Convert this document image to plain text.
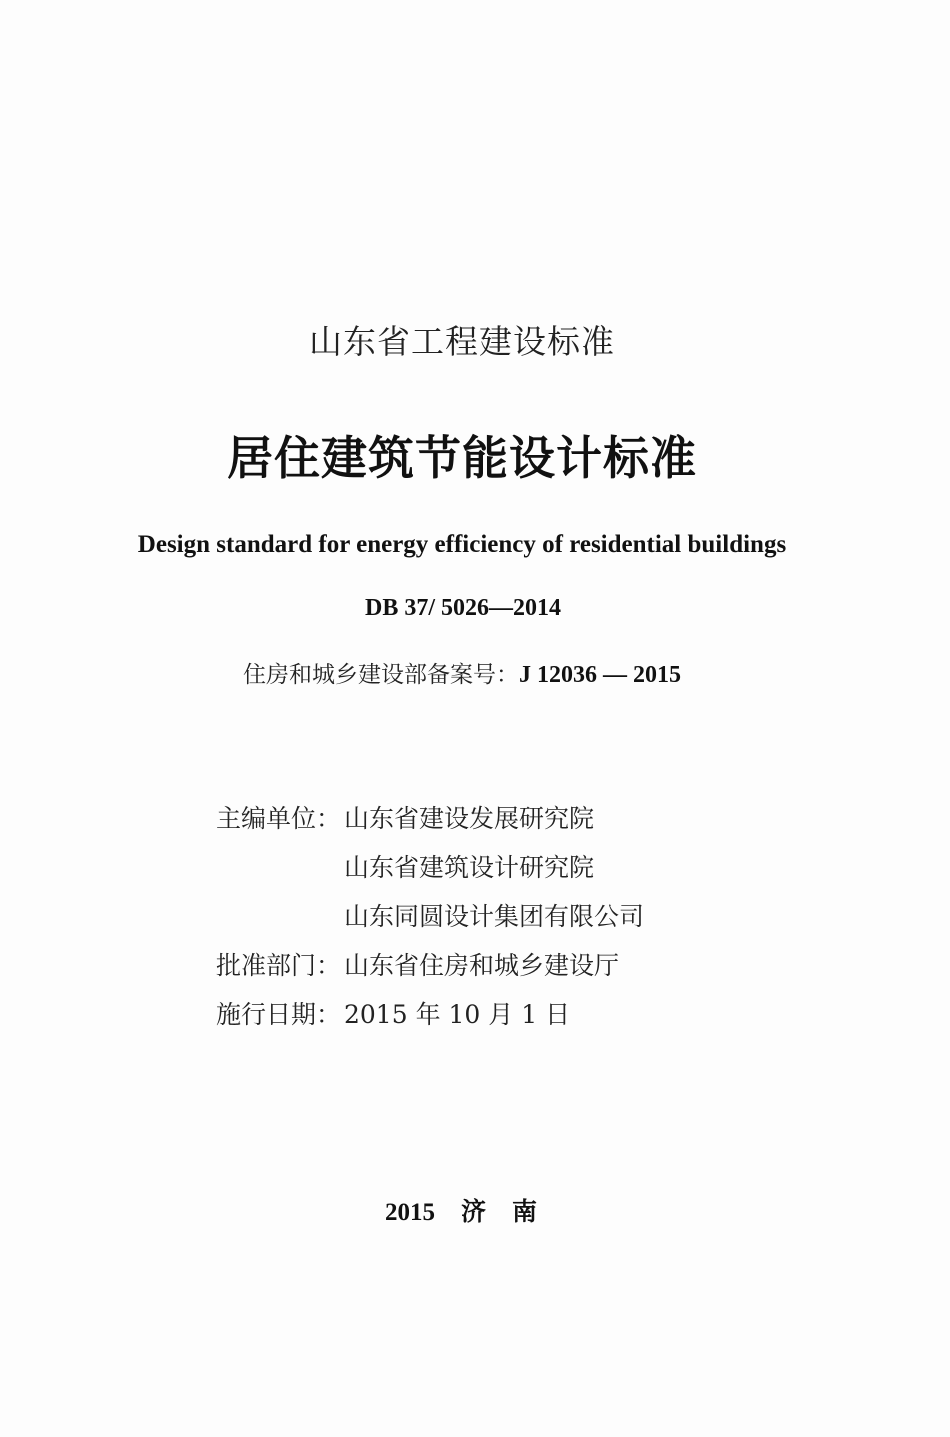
山东省工程建设标准
居住建筑节能设计标准
Design standard for energy efficiency of residential buildings
DB 37/ 5026—2014
住房和城乡建设部备案号：J 12036 — 2015
主编单位： 山东省建设发展研究院
山东省建筑设计研究院
山东同圆设计集团有限公司
批准部门： 山东省住房和城乡建设厅
施行日期： 2015 年 10 月 1 日
2015 济 南
